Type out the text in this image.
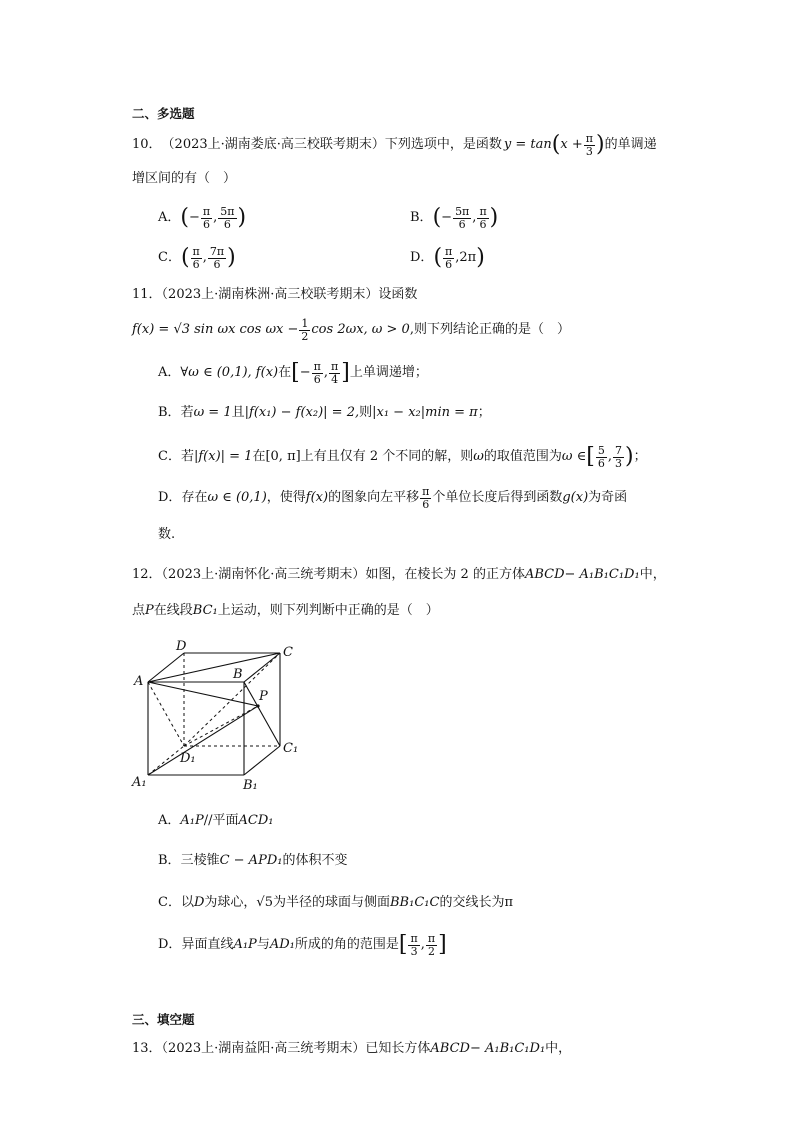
二、多选题
10． （2023上·湖南娄底·高三校联考期末） 下列选项中，是函数 y = tan ( $x + \frac{\pi}{3}$ ) 的单调递
增区间的有（　）
A． ( − $\frac{\pi}{6}$ , $\frac{5\pi}{6}$ )	B． ( − $\frac{5\pi}{6}$ , $\frac{\pi}{6}$ )
C． ( $\frac{\pi}{6}$ , $\frac{7\pi}{6}$ )	D． ( $\frac{\pi}{6}$ , 2π )
11．（2023上·湖南株洲·高三校联考期末）设函数
f(x) = √3 sin ωx $\cos \omega x - \frac{1}{2}$ cos 2ωx, ω > 0 ,则下列结论正确的是（　）
A． ∀ω ∈ (0,1), f(x) 在 [ − $\frac{\pi}{6}$ , $\frac{\pi}{4}$ ] 上单调递增；
B．若ω = 1且|f(x₁) − f(x₂)| = 2,则|x₁ − x₂|min = π；
C． 若 |f(x)| = 1 在 [0, π] 上有且仅有 2 个不同的解，则 ω 的取值范围为 ω ∈ [ $\frac{5}{6}$ , $\frac{7}{3}$ ) ；
D． 存在 ω ∈ (0,1) ，使得 f(x) 的图象向左平移 $\frac{\pi}{6}$ 个单位长度后得到函数 g(x) 为奇函
数.
12．（2023上·湖南怀化·高三统考期末）如图，在棱长为 2 的正方体ABCD− A₁B₁C₁D₁中，
点P在线段BC₁上运动，则下列判断中正确的是（　）
D	C
A	B
P
D₁
C₁
A₁	B₁
A．A₁P//平面ACD₁
B．三棱锥C − APD₁的体积不变
C．以D为球心，√5为半径的球面与侧面BB₁C₁C的交线长为π
D． 异面直线 A₁P 与 AD₁ 所成的角的范围是 [ $\frac{\pi}{3}$ , $\frac{\pi}{2}$ ]
三、填空题
13．（2023上·湖南益阳·高三统考期末）已知长方体ABCD− A₁B₁C₁D₁中，
